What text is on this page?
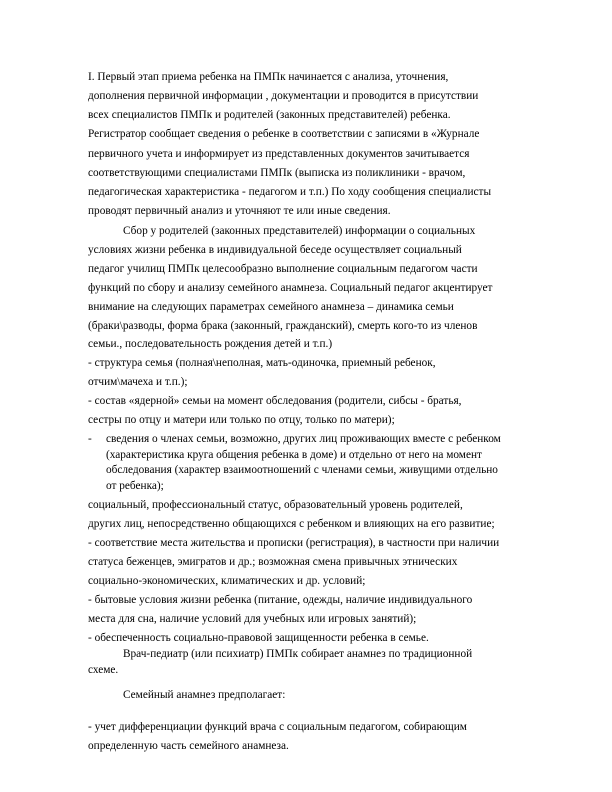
I. Первый этап приема ребенка на ПМПк начинается с анализа, уточнения,

дополнения первичной информации , документации и проводится в присутствии

всех специалистов ПМПк и родителей (законных представителей) ребенка.

Регистратор сообщает сведения о ребенке в соответствии с записями в «Журнале

первичного учета и информирует из представленных документов зачитывается

соответствующими специалистами ПМПк (выписка из поликлиники - врачом,

педагогическая характеристика - педагогом и т.п.) По ходу сообщения специалисты

проводят первичный анализ и уточняют те или иные сведения.

Сбор у родителей (законных представителей) информации о социальных

условиях жизни ребенка в индивидуальной беседе осуществляет социальный

педагог училищ ПМПк целесообразно выполнение социальным педагогом части

функций по сбору и анализу семейного анамнеза. Социальный педагог акцентирует

внимание на следующих параметрах семейного анамнеза – динамика семьи

(браки\разводы, форма брака (законный, гражданский), смерть кого-то из членов

семьи., последовательность рождения детей и т.п.)

- структура семья (полная\неполная, мать-одиночка, приемный ребенок,

отчим\мачеха и т.п.);

- состав «ядерной» семьи на момент обследования (родители, сибсы - братья,

сестры по отцу и матери или только по отцу, только по матери);

- сведения о членах семьи, возможно, других лиц проживающих вместе с ребенком

(характеристика круга общения ребенка в доме) и отдельно от него на момент

обследования (характер взаимоотношений с членами семьи, живущими отдельно

от ребенка);

социальный, профессиональный статус, образовательный уровень родителей,

других лиц, непосредственно общающихся с ребенком и влияющих на его развитие;

- соответствие места жительства и прописки (регистрация), в частности при наличии

статуса беженцев, эмигратов и др.; возможная смена привычных этнических

социально-экономических, климатических и др. условий;

- бытовые условия жизни ребенка (питание, одежды, наличие индивидуального

места для сна, наличие условий для учебных или игровых занятий);

- обеспеченность социально-правовой защищенности ребенка в семье.

Врач-педиатр (или психиатр) ПМПк собирает анамнез по традиционной

схеме.

Семейный анамнез предполагает:

- учет дифференциации функций врача с социальным педагогом, собирающим

определенную часть семейного анамнеза.
